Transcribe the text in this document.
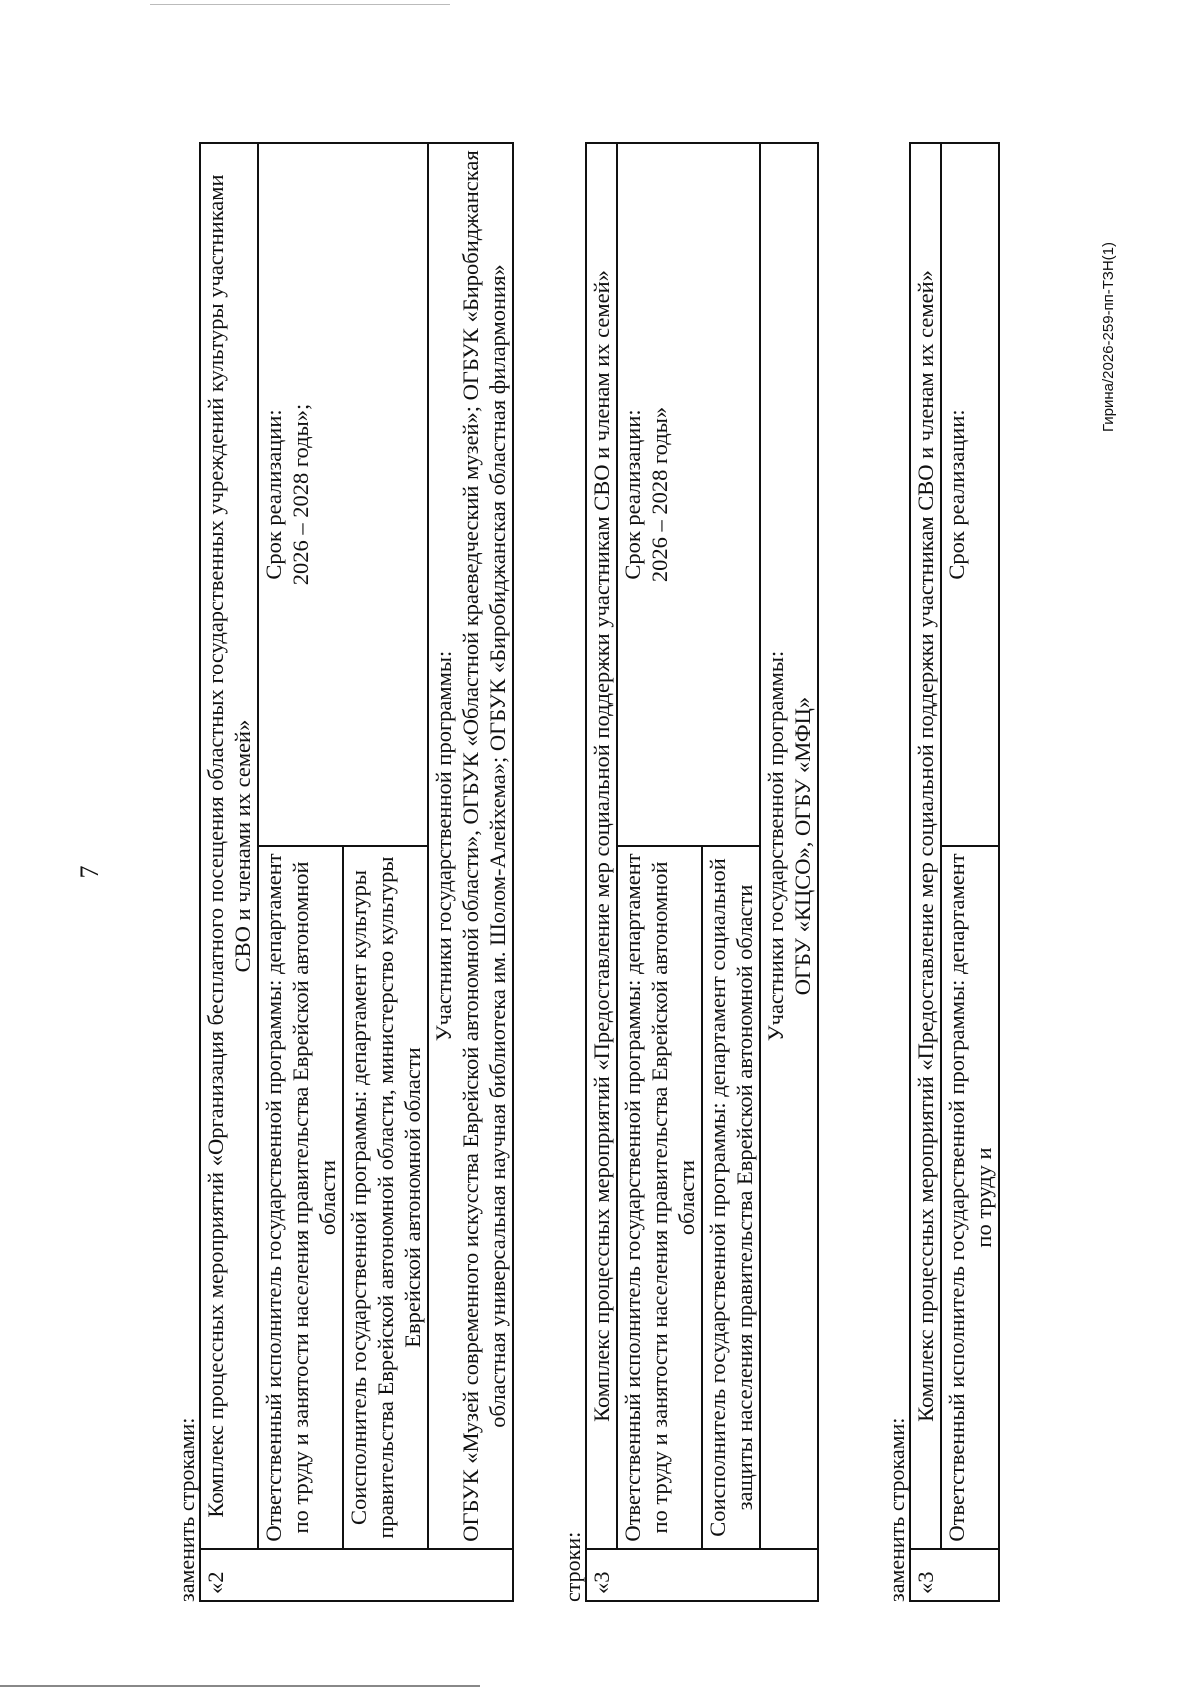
7
заменить строками: «2	Комплекс процессных мероприятий «Организация бесплатного посещения областных государственных учреждений культуры участниками СВО и членами их семей»	
	Ответственный исполнитель государственной программы: департамент по труду и занятости населения правительства Еврейской автономной области	Срок реализации: 2026 – 2028 годы»;

	Соисполнитель государственной программы: департамент культуры правительства Еврейской автономной области, министерство культуры Еврейской автономной области	

	Участники государственной программы: ОГБУК «Музей современного искусства Еврейской автономной области», ОГБУК «Областной краеведческий музей»; ОГБУК «Биробиджанская областная универсальная научная библиотека им. Шолом-Алейхема»; ОГБУК «Биробиджанская областная филармония»	
строки: «3	Комплекс процессных мероприятий «Предоставление мер социальной поддержки участникам СВО и членам их семей»	
	Ответственный исполнитель государственной программы: департамент по труду и занятости населения правительства Еврейской автономной области	Срок реализации: 2026 – 2028 годы»

	Соисполнитель государственной программы: департамент социальной защиты населения правительства Еврейской автономной области	

	Участники государственной программы: ОГБУ «КЦСО», ОГБУ «МФЦ»	
заменить строками: «3	Комплекс процессных мероприятий «Предоставление мер социальной поддержки участникам СВО и членам их семей»	
	Ответственный исполнитель государственной программы: департамент по труду и	Срок реализации:
Гирина/2026-259-пп-ТЗН(1)
